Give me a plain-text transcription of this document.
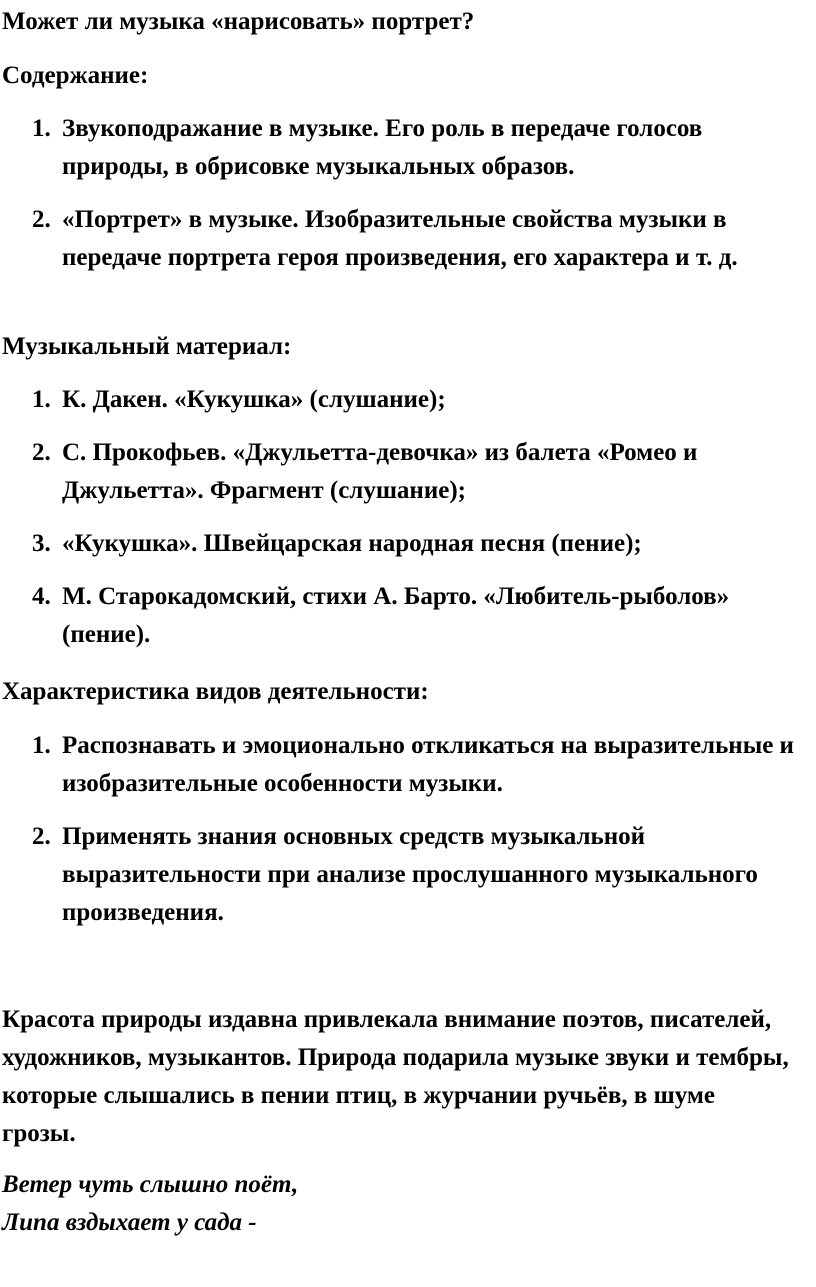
Может ли музыка «нарисовать» портрет?

Содержание:

1. Звукоподражание в музыке. Его роль в передаче голосов природы, в обрисовке музыкальных образов.
2. «Портрет» в музыке. Изобразительные свойства музыки в передаче портрета героя произведения, его характера и т. д.

Музыкальный материал:

1. К. Дакен. «Кукушка» (слушание);
2. С. Прокофьев. «Джульетта-девочка» из балета «Ромео и Джульетта». Фрагмент (слушание);
3. «Кукушка». Швейцарская народная песня (пение);
4. М. Старокадомский, стихи А. Барто. «Любитель-рыболов» (пение).

Характеристика видов деятельности:

1. Распознавать и эмоционально откликаться на выразительные и изобразительные особенности музыки.
2. Применять знания основных средств музыкальной выразительности при анализе прослушанного музыкального произведения.

Красота природы издавна привлекала внимание поэтов, писателей, художников, музыкантов. Природа подарила музыке звуки и тембры, которые слышались в пении птиц, в журчании ручьёв, в шуме грозы.

Ветер чуть слышно поёт,

Липа вздыхает у сада -
